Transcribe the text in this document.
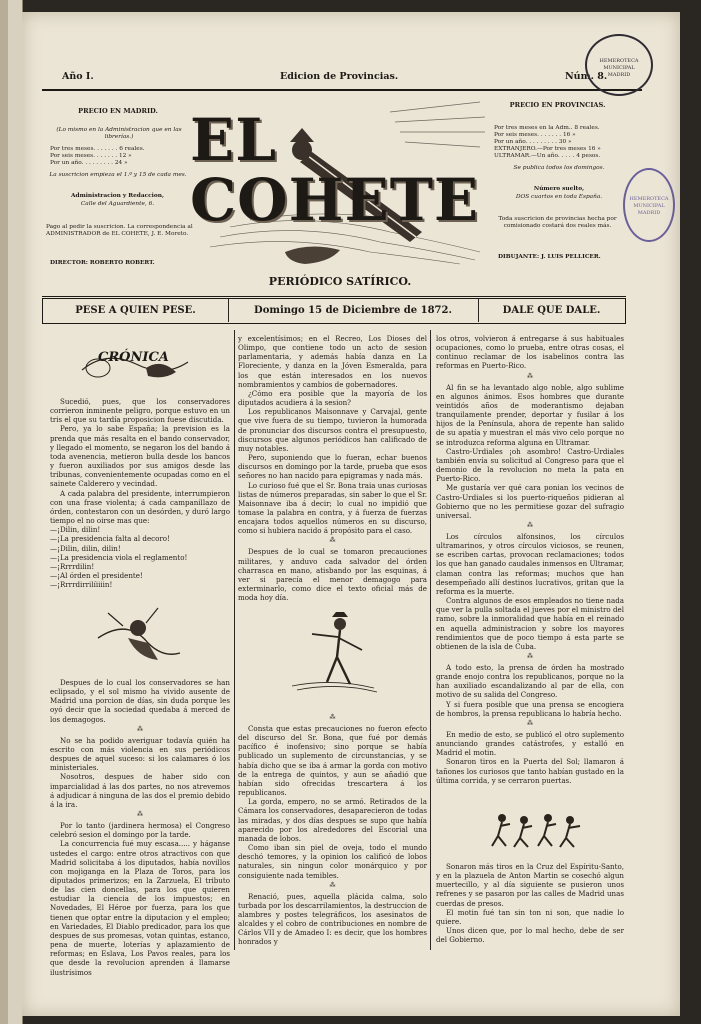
Año I.	Edicion de Provincias.	Núm. 8.
PRECIO EN MADRID.
(Lo mismo en la Administracion que en las librerías.)
Por tres meses. . . . . . . 6 reales.
Por seis meses. . . . . . . 12 »
Por un año. . . . . . . . . 24 »
La suscricion empieza el 1.º y 15 de cada mes.
Administracion y Redaccion,
Calle del Aguardiente, 6.
Pago al pedir la suscricion. La correspondencia al ADMINISTRADOR de EL COHETE, J. E. Moreto.
DIRECTOR: ROBERTO ROBERT.
EL COHETE
PERIÓDICO SATÍRICO.
PRECIO EN PROVINCIAS.
Por tres meses en la Adm.. 8 reales.
Por seis meses. . . . . . . 16 »
Por un año. . . . . . . . . 30 »
EXTRANJERO.—Por tres meses 16 »
ULTRAMAR.—Un año. . . . . 4 pesos.
Se publica todos los domingos.
Número suelto,
DOS cuartos en toda España.
Toda suscricion de provincias hecha por comisionado costará dos reales más.
DIBUJANTE: J. LUIS PELLICER.
HEMEROTECA MUNICIPAL MADRID
HEMEROTECA MUNICIPAL MADRID
PESE A QUIEN PESE.	Domingo 15 de Diciembre de 1872.	DALE QUE DALE.
CRÓNICA

Sucedió, pues, que los conservadores corrieron inminente peligro, porque estuvo en un tris el que su tardía proposicion fuese discutida.

Pero, ya lo sabe España; la prevision es la prenda que más resalta en el bando conservador, y llegado el momento, se negaron los del bando á toda avenencia, metieron bulla desde los bancos y fueron auxiliados por sus amigos desde las tribunas, convenientemente ocupadas como en el sainete Calderero y vecindad.

A cada palabra del presidente, interrumpieron con una frase violenta; á cada campanillazo de órden, contestaron con un desórden, y duró largo tiempo el no oirse mas que:

—¡Dilin, dilin!

—¡La presidencia falta al decoro!

—¡Dilin, dilin, dilin!

—¡La presidencia viola el reglamento!

—¡Rrrrdilin!

—¡Al órden el presidente!

—¡Rrrrdirrilíiiiin!

Despues de lo cual los conservadores se han eclipsado, y el sol mismo ha vivido ausente de Madrid una porcion de días, sin duda porque les oyó decir que la sociedad quedaba á merced de los demagogos.

⁂

No se ha podido averiguar todavía quién ha escrito con más violencia en sus periódicos despues de aquel suceso: si los calamares ó los ministeriales.

Nosotros, despues de haber sido con imparcialidad á las dos partes, no nos atrevemos á adjudicar á ninguna de las dos el premio debido á la ira.

⁂

Por lo tanto (jardinera hermosa) el Congreso celebró sesion el domingo por la tarde.

La concurrencia fué muy escasa..... y háganse ustedes el cargo: entre otros atractivos con que Madrid solicitaba á los diputados, había novillos con mojiganga en la Plaza de Toros, para los diputados primerizos; en la Zarzuela, El tributo de las cien doncellas, para los que quieren estudiar la ciencia de los impuestos; en Novedades, El Héroe por fuerza, para los que tienen que optar entre la diputacion y el empleo; en Variedades, El Diablo predicador, para los que despues de sus promesas, votan quintas, estanco, pena de muerte, loterías y aplazamiento de reformas; en Eslava, Los Pavos reales, para los que desde la revolucion aprenden á llamarse ilustrísimos

y excelentísimos; en el Recreo, Los Dioses del Olimpo, que contiene todo un acto de sesion parlamentaria, y además había danza en La Floreciente, y danza en la Jóven Esmeralda, para los que están interesados en los nuevos nombramientos y cambios de gobernadores.

¿Cómo era posible que la mayoría de los diputados acudiera á la sesion?

Los republicanos Maisonnave y Carvajal, gente que vive fuera de su tiempo, tuvieron la humorada de pronunciar dos discursos contra el presupuesto, discursos que algunos periódicos han calificado de muy notables.

Pero, suponiendo que lo fueran, echar buenos discursos en domingo por la tarde, prueba que esos señores no han nacido para epigramas y nada más.

Lo curioso fué que el Sr. Bona traia unas curiosas listas de números preparadas, sin saber lo que el Sr. Maisonnave iba á decir; lo cual no impidió que tomase la palabra en contra, y á fuerza de fuerzas encajara todos aquellos números en su discurso, como si hubiera nacido á propósito para el caso.

⁂

Despues de lo cual se tomaron precauciones militares, y anduvo cada salvador del órden charrasca en mano, atisbando por las esquinas, á ver si parecía el menor demagogo para exterminarlo, como dice el texto oficial más de moda hoy día.

⁂

Consta que estas precauciones no fueron efecto del discurso del Sr. Bona, que fué por demás pacífico é inofensivo; sino porque se había publicado un suplemento de circunstancias, y se había dicho que se iba á armar la gorda con motivo de la entrega de quintos, y aun se añadió que habían sido ofrecidas trescartera á los republicanos.

La gorda, empero, no se armó. Retirados de la Cámara los conservadores, desaparecieron de todas las miradas, y dos días despues se supo que había aparecido por los alrededores del Escorial una manada de lobos.

Como iban sin piel de oveja, todo el mundo deschó temores, y la opinion los calificó de lobos naturales, sin ningun color monárquico y por consiguiente nada temibles.

⁂

Renació, pues, aquella plácida calma, solo turbada por los descarrilamientos, la destruccion de alambres y postes telegráficos, los asesinatos de alcaldes y el cobro de contribuciones en nombre de Cárlos VII y de Amadeo I: es decir, que los hombres honrados y

los otros, volvieron á entregarse á sus habituales ocupaciones, como lo prueba, entre otras cosas, el continuo reclamar de los isabelinos contra las reformas en Puerto-Rico.

⁂

Al fin se ha levantado algo noble, algo sublime en algunos ánimos. Esos hombres que durante veintidós años de moderantismo dejaban tranquilamente prender, deportar y fusilar á los hijos de la Península, ahora de repente han salido de su apatía y muestran el más vivo celo porque no se introduzca reforma alguna en Ultramar.

Castro-Urdiales ¡oh asombro! Castro-Urdiales también envía su solicitud al Congreso para que el demonio de la revolucion no meta la pata en Puerto-Rico.

Me gustaría ver qué cara ponian los vecinos de Castro-Urdiales si los puerto-riqueños pidieran al Gobierno que no les permitiese gozar del sufragio universal.

⁂

Los círculos alfonsinos, los círculos ultramarinos, y otros círculos viciosos, se reunen, se escriben cartas, provocan reclamaciones; todos los que han ganado caudales inmensos en Ultramar, claman contra las reformas; muchos que han desempeñado allí destinos lucrativos, gritan que la reforma es la muerte.

Contra algunos de esos empleados no tiene nada que ver la pulla soltada el jueves por el ministro del ramo, sobre la inmoralidad que había en el reinado en aquella administracion y sobre los mayores rendimientos que de poco tiempo á esta parte se obtienen de la isla de Cuba.

⁂

A todo esto, la prensa de órden ha mostrado grande enojo contra los republicanos, porque no la han auxiliado escandalizando al par de ella, con motivo de su salida del Congreso.

Y si fuera posible que una prensa se encogiera de hombros, la prensa republicana lo habría hecho.

⁂

En medio de esto, se publicó el otro suplemento anunciando grandes catástrofes, y estalló en Madrid el motin.

Sonaron tiros en la Puerta del Sol; llamaron á tañones los curiosos que tanto habían gustado en la última corrida, y se cerraron puertas.

Sonaron más tiros en la Cruz del Espíritu-Santo, y en la plazuela de Anton Martin se cosechó algun muertecillo, y al día siguiente se pusieron unos refrenes y se pasaron por las calles de Madrid unas cuerdas de presos.

El motin fué tan sin ton ni son, que nadie lo quiere.

Unos dicen que, por lo mal hecho, debe de ser del Gobierno.
